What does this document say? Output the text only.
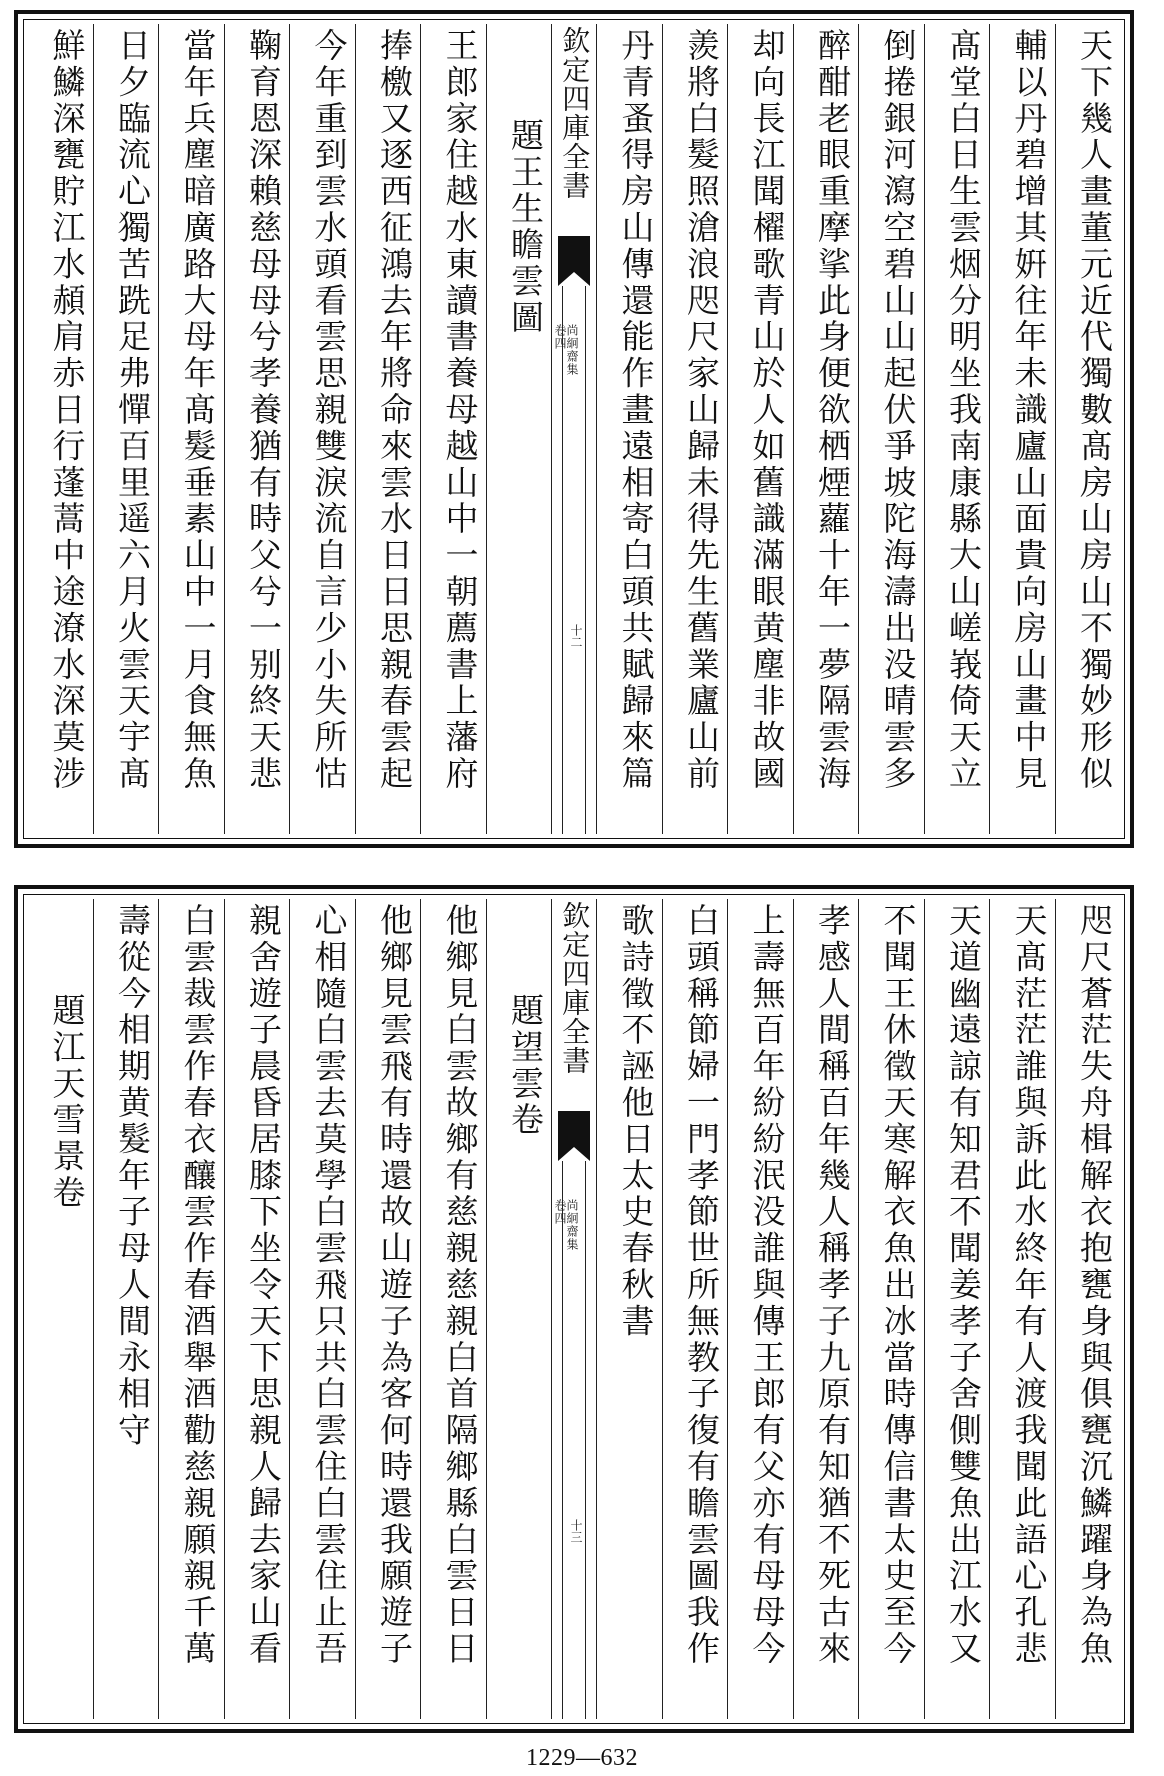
天下幾人畫董元近代獨數髙房山房山不獨妙形似
輔以丹碧增其姸往年未識廬山面貴向房山畫中見
髙堂白日生雲烟分明坐我南康縣大山嵯峩倚天立
倒捲銀河瀉空碧山山起伏爭坡陀海濤出没晴雲多
醉酣老眼重摩挲此身便欲栖煙蘿十年一夢隔雲海
却向長江聞櫂歌青山於人如舊識滿眼黄塵非故國
羨將白髮照滄浪咫尺家山歸未得先生舊業廬山前
丹青蚤得房山傳還能作畫遠相寄白頭共賦歸來篇
欽定四庫全書
尚絅齋集
卷四
十二
題王生瞻雲圖
王郎家住越水東讀書養母越山中一朝薦書上藩府
捧檄又逐西征鴻去年將命來雲水日日思親春雲起
今年重到雲水頭看雲思親雙淚流自言少小失所怙
鞠育恩深賴慈母母兮孝養猶有時父兮一别終天悲
當年兵塵暗廣路大母年髙髮垂素山中一月食無魚
日夕臨流心獨苦跣足弗憚百里遥六月火雲天宇髙
鮮鱗深甕貯江水頳肩赤日行蓬蒿中途潦水深莫涉
咫尺蒼茫失舟楫解衣抱甕身與俱甕沉鱗躍身為魚
天髙茫茫誰與訴此水終年有人渡我聞此語心孔悲
天道幽遠諒有知君不聞姜孝子舍側雙魚出江水又
不聞王休徵天寒解衣魚出冰當時傳信書太史至今
孝感人間稱百年幾人稱孝子九原有知猶不死古來
上壽無百年紛紛泯没誰與傳王郎有父亦有母母今
白頭稱節婦一門孝節世所無教子復有瞻雲圖我作
歌詩徵不誣他日太史春秋書
欽定四庫全書
尚絅齋集
卷四
十三
題望雲卷
他鄉見白雲故鄉有慈親慈親白首隔鄉縣白雲日日
他鄉見雲飛有時還故山遊子為客何時還我願遊子
心相隨白雲去莫學白雲飛只共白雲住白雲住止吾
親舍遊子晨昏居膝下坐令天下思親人歸去家山看
白雲裁雲作春衣釀雲作春酒舉酒勸慈親願親千萬
壽從今相期黄髮年子母人間永相守
題江天雪景卷
1229—632
